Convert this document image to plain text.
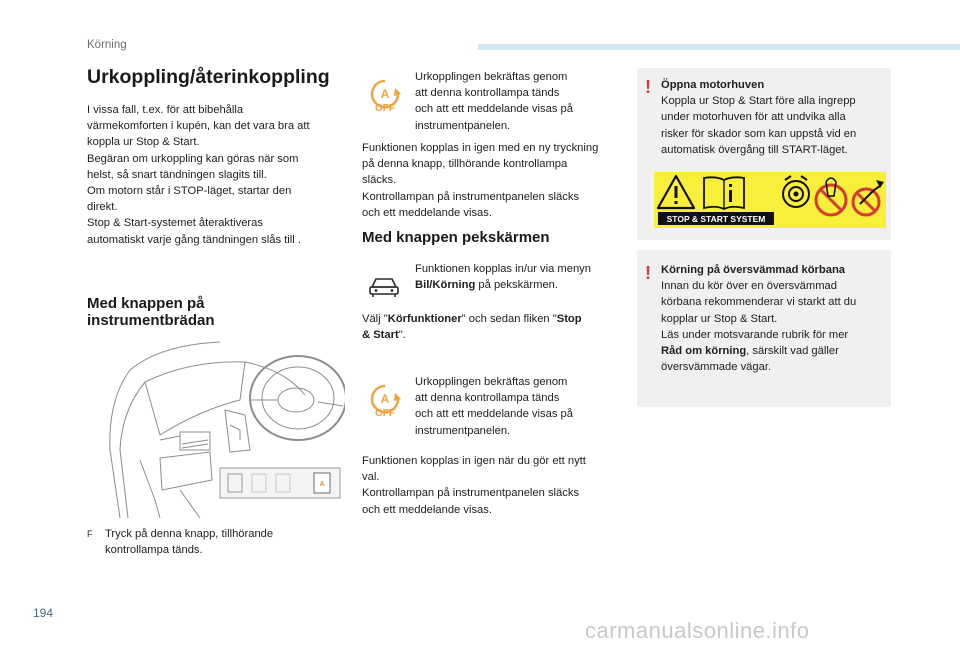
Körning
Urkoppling/återinkoppling

I vissa fall, t.ex. för att bibehålla

värmekomforten i kupén, kan det vara bra att

koppla ur Stop & Start.

Begäran om urkoppling kan göras när som

helst, så snart tändningen slagits till.

Om motorn står i STOP-läget, startar den

direkt.

Stop & Start-systemet återaktiveras

automatiskt varje gång tändningen slås till .

Med knappen på
instrumentbrädan
A
F	Tryck på denna knapp, tillhörande
kontrollampa tänds.
A
OFF

Urkopplingen bekräftas genom

att denna kontrollampa tänds

och att ett meddelande visas på

instrumentpanelen.

Funktionen kopplas in igen med en ny tryckning

på denna knapp, tillhörande kontrollampa

släcks.

Kontrollampan på instrumentpanelen släcks

och ett meddelande visas.

Med knappen pekskärmen

Funktionen kopplas in/ur via menyn

Bil/Körning på pekskärmen.

Välj "Körfunktioner" och sedan fliken "Stop

& Start".

A
OFF

Urkopplingen bekräftas genom

att denna kontrollampa tänds

och att ett meddelande visas på

instrumentpanelen.

Funktionen kopplas in igen när du gör ett nytt

val.

Kontrollampan på instrumentpanelen släcks

och ett meddelande visas.

! Öppna motorhuven

Koppla ur Stop & Start före alla ingrepp

under motorhuven för att undvika alla

risker för skador som kan uppstå vid en

automatisk övergång till START-läget.

STOP & START SYSTEM
! Körning på översvämmad körbana

Innan du kör över en översvämmad

körbana rekommenderar vi starkt att du

kopplar ur Stop & Start.

Läs under motsvarande rubrik för mer

Råd om körning, särskilt vad gäller

översvämmade vägar.

194
carmanualsonline.info
